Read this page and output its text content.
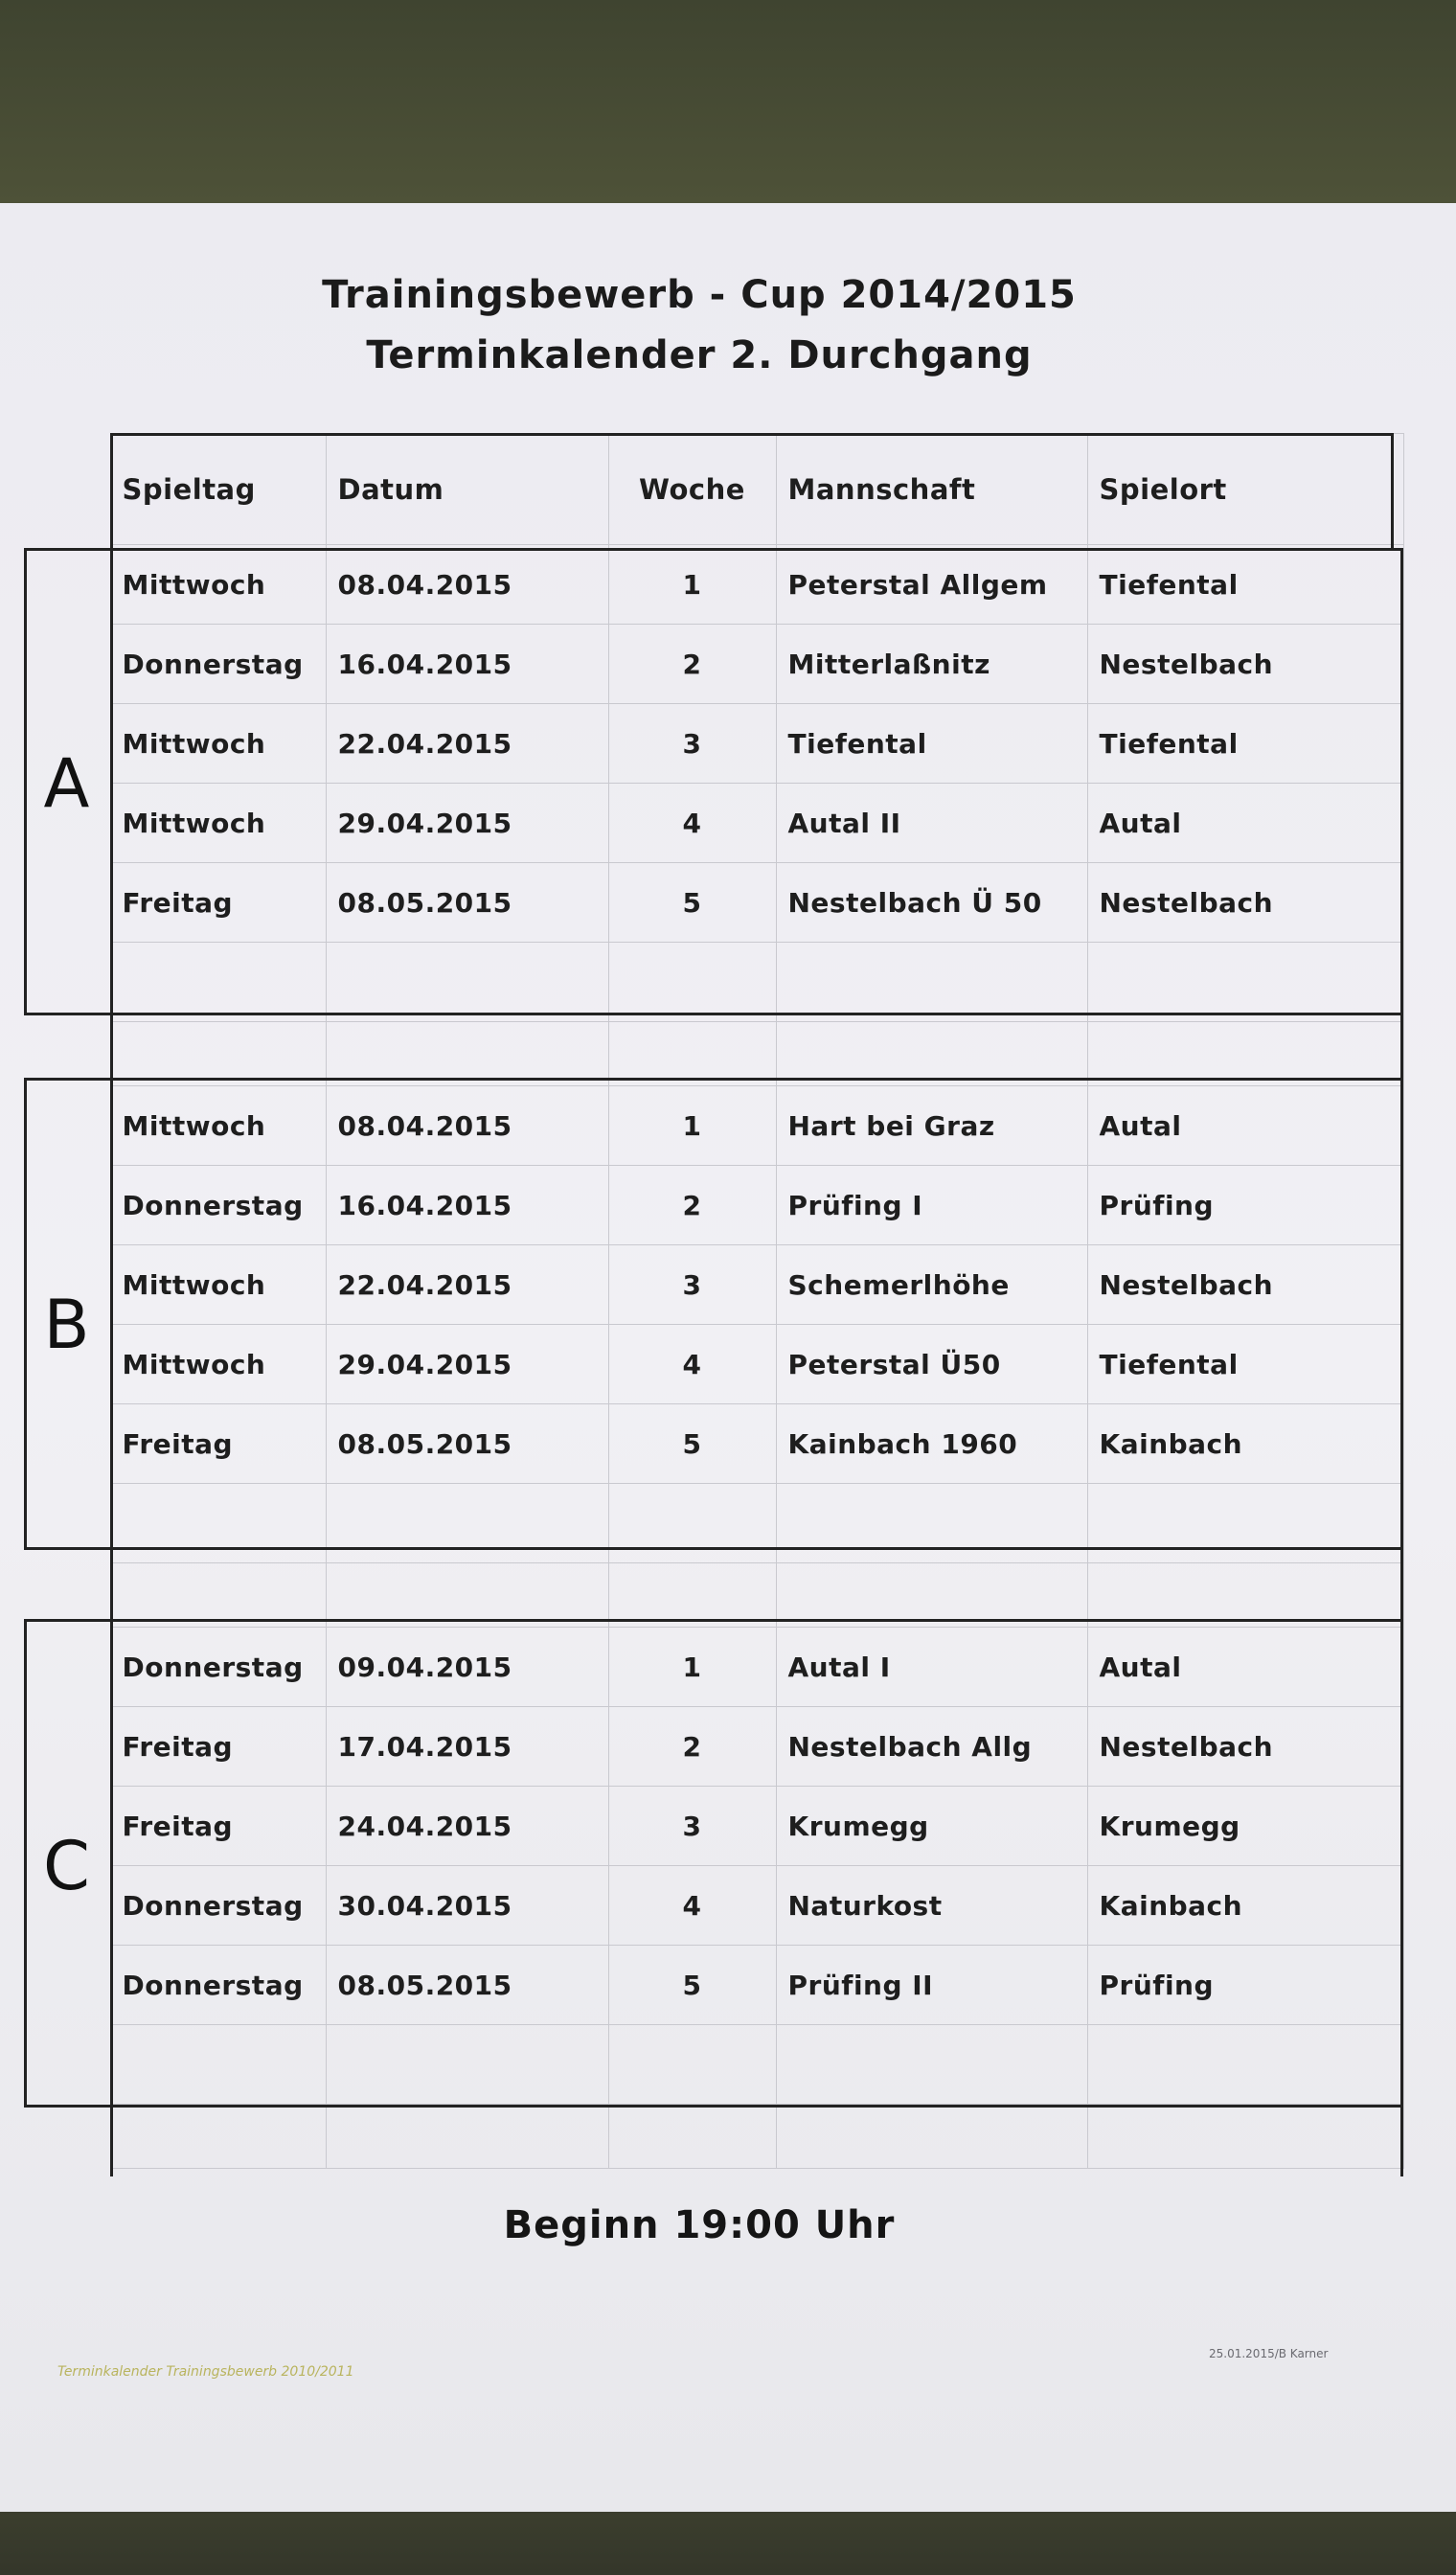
Trainingsbewerb - Cup 2014/2015
Terminkalender 2. Durchgang
	Spieltag	Datum	Woche	Mannschaft	Spielort
A	Mittwoch	08.04.2015	1	Peterstal Allgem	Tiefental
	Donnerstag	16.04.2015	2	Mitterlaßnitz	Nestelbach
	Mittwoch	22.04.2015	3	Tiefental	Tiefental
	Mittwoch	29.04.2015	4	Autal II	Autal
	Freitag	08.05.2015	5	Nestelbach Ü 50	Nestelbach

B	Mittwoch	08.04.2015	1	Hart bei Graz	Autal
	Donnerstag	16.04.2015	2	Prüfing I	Prüfing
	Mittwoch	22.04.2015	3	Schemerlhöhe	Nestelbach
	Mittwoch	29.04.2015	4	Peterstal Ü50	Tiefental
	Freitag	08.05.2015	5	Kainbach 1960	Kainbach

C	Donnerstag	09.04.2015	1	Autal I	Autal
	Freitag	17.04.2015	2	Nestelbach Allg	Nestelbach
	Freitag	24.04.2015	3	Krumegg	Krumegg
	Donnerstag	30.04.2015	4	Naturkost	Kainbach
	Donnerstag	08.05.2015	5	Prüfing II	Prüfing

Beginn 19:00 Uhr
Terminkalender Trainingsbewerb 2010/2011
25.01.2015/B Karner
